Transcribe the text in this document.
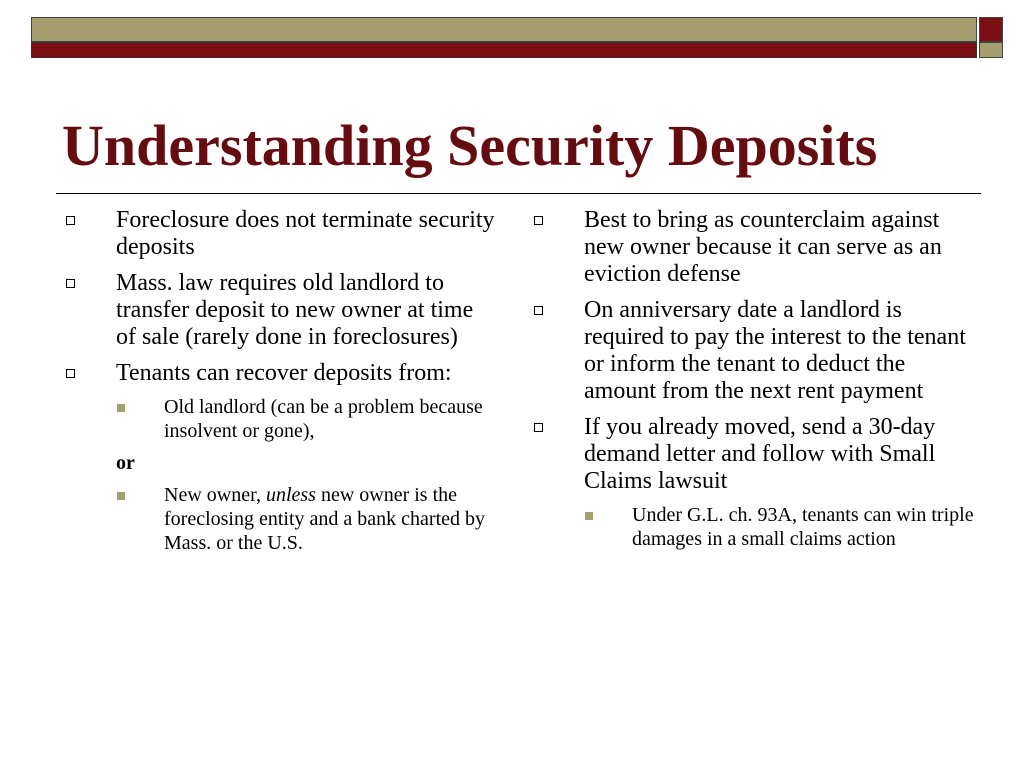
Understanding Security Deposits
Foreclosure does not terminate security deposits
Mass. law requires old landlord to transfer deposit to new owner at time of sale (rarely done in foreclosures)
Tenants can recover deposits from:
Old landlord (can be a problem because insolvent or gone),
or
New owner, unless new owner is the foreclosing entity and a bank charted by Mass. or the U.S.
Best to bring as counterclaim against new owner because it can serve as an eviction defense
On anniversary date a landlord is required to pay the interest to the tenant or inform the tenant to deduct the amount from the next rent payment
If you already moved, send a 30-day demand letter and follow with Small Claims lawsuit
Under G.L. ch. 93A, tenants can win triple damages in a small claims action
